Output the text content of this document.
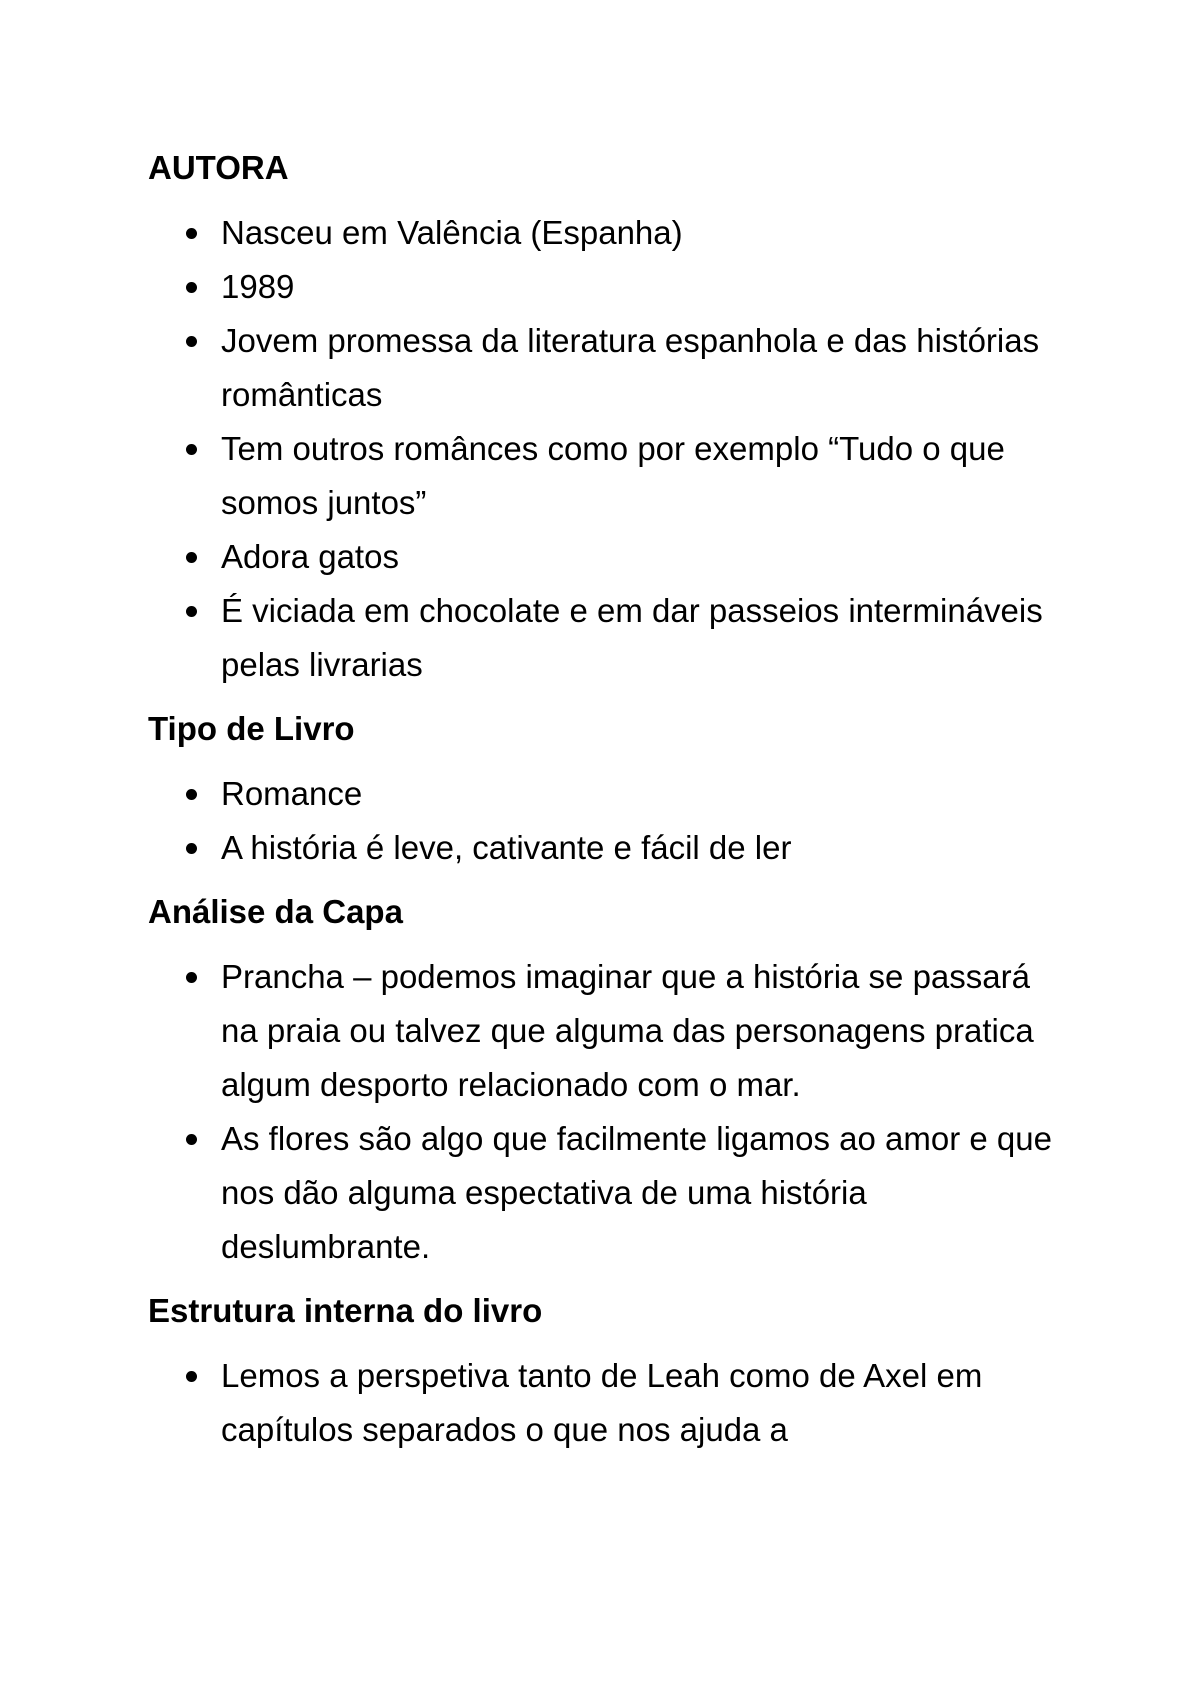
AUTORA
Nasceu em Valência (Espanha)
1989
Jovem promessa da literatura espanhola e das histórias românticas
Tem outros românces como por exemplo “Tudo o que somos juntos”
Adora gatos
É viciada em chocolate e em dar passeios intermináveis pelas livrarias
Tipo de Livro
Romance
A história é leve, cativante e fácil de ler
Análise da Capa
Prancha – podemos imaginar que a história se passará na praia ou talvez que alguma das personagens pratica algum desporto relacionado com o mar.
As flores são algo que facilmente ligamos ao amor e que nos dão alguma espectativa de uma história deslumbrante.
Estrutura interna do livro
Lemos a perspetiva tanto de Leah como de Axel em capítulos separados o que nos ajuda a
